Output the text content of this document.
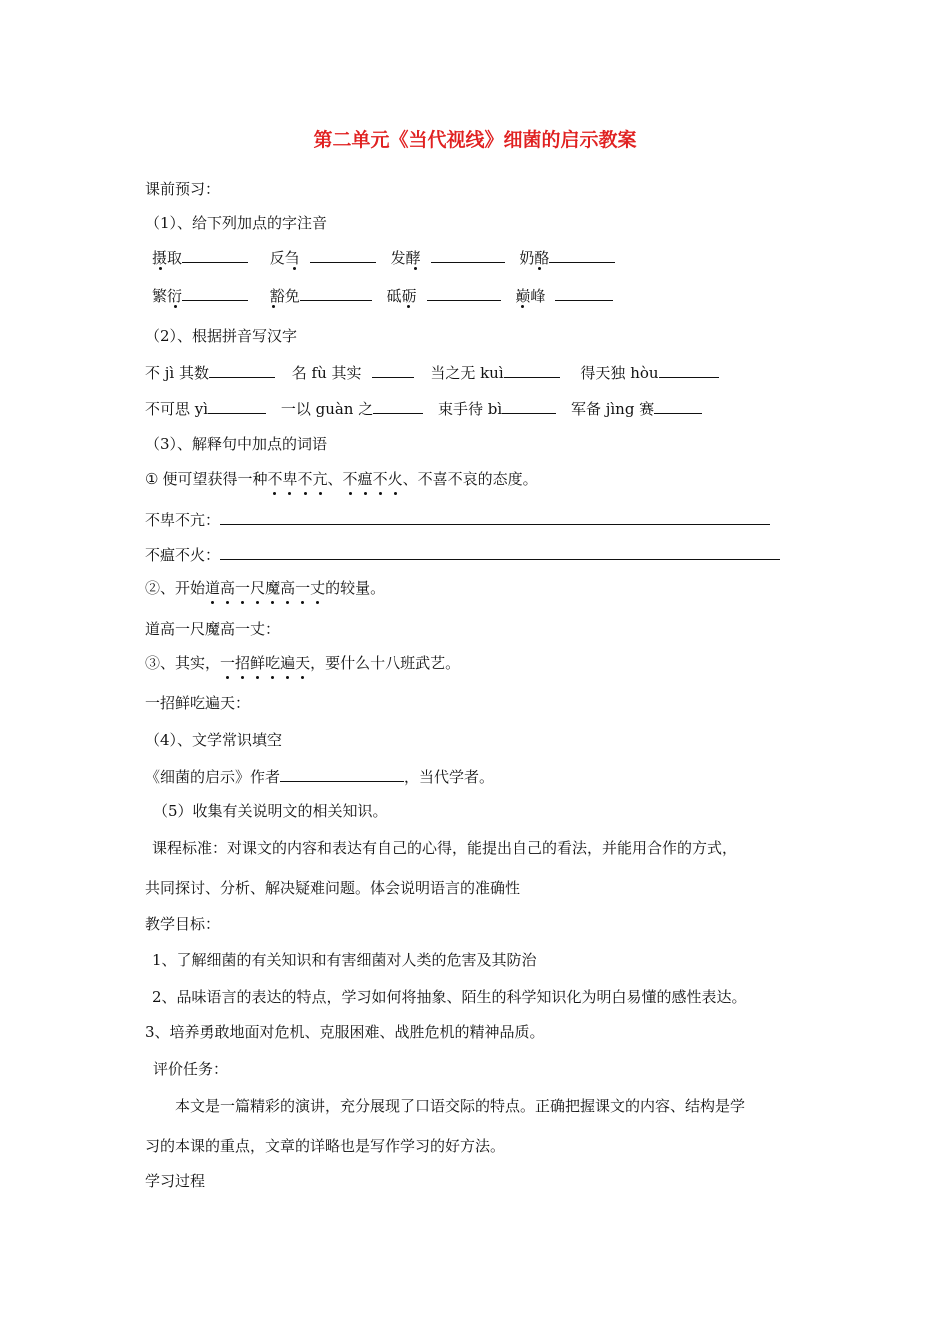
第二单元《当代视线》细菌的启示教案
课前预习：
（1）、给下列加点的字注音
摄取	反刍	发酵	奶酪
繁衍	豁免	砥砺	巅峰
（2）、根据拼音写汉字
不 jì 其数	名 fù 其实	当之无 kuì	得天独 hòu
不可思 yì	一以 guàn 之	束手待 bì	军备 jìng 赛
（3）、解释句中加点的词语
① 便可望获得一种不卑不亢、不瘟不火、不喜不哀的态度。
不卑不亢：
不瘟不火：
②、开始道高一尺魔高一丈的较量。
道高一尺魔高一丈：
③、其实，一招鲜吃遍天，要什么十八班武艺。
一招鲜吃遍天：
（4）、文学常识填空
《细菌的启示》作者	，当代学者。
（5）收集有关说明文的相关知识。
课程标准：对课文的内容和表达有自己的心得，能提出自己的看法，并能用合作的方式，
共同探讨、分析、解决疑难问题。体会说明语言的准确性
教学目标：
1、了解细菌的有关知识和有害细菌对人类的危害及其防治
2、品味语言的表达的特点，学习如何将抽象、陌生的科学知识化为明白易懂的感性表达。
3、培养勇敢地面对危机、克服困难、战胜危机的精神品质。
评价任务：
本文是一篇精彩的演讲，充分展现了口语交际的特点。正确把握课文的内容、结构是学
习的本课的重点，文章的详略也是写作学习的好方法。
学习过程
